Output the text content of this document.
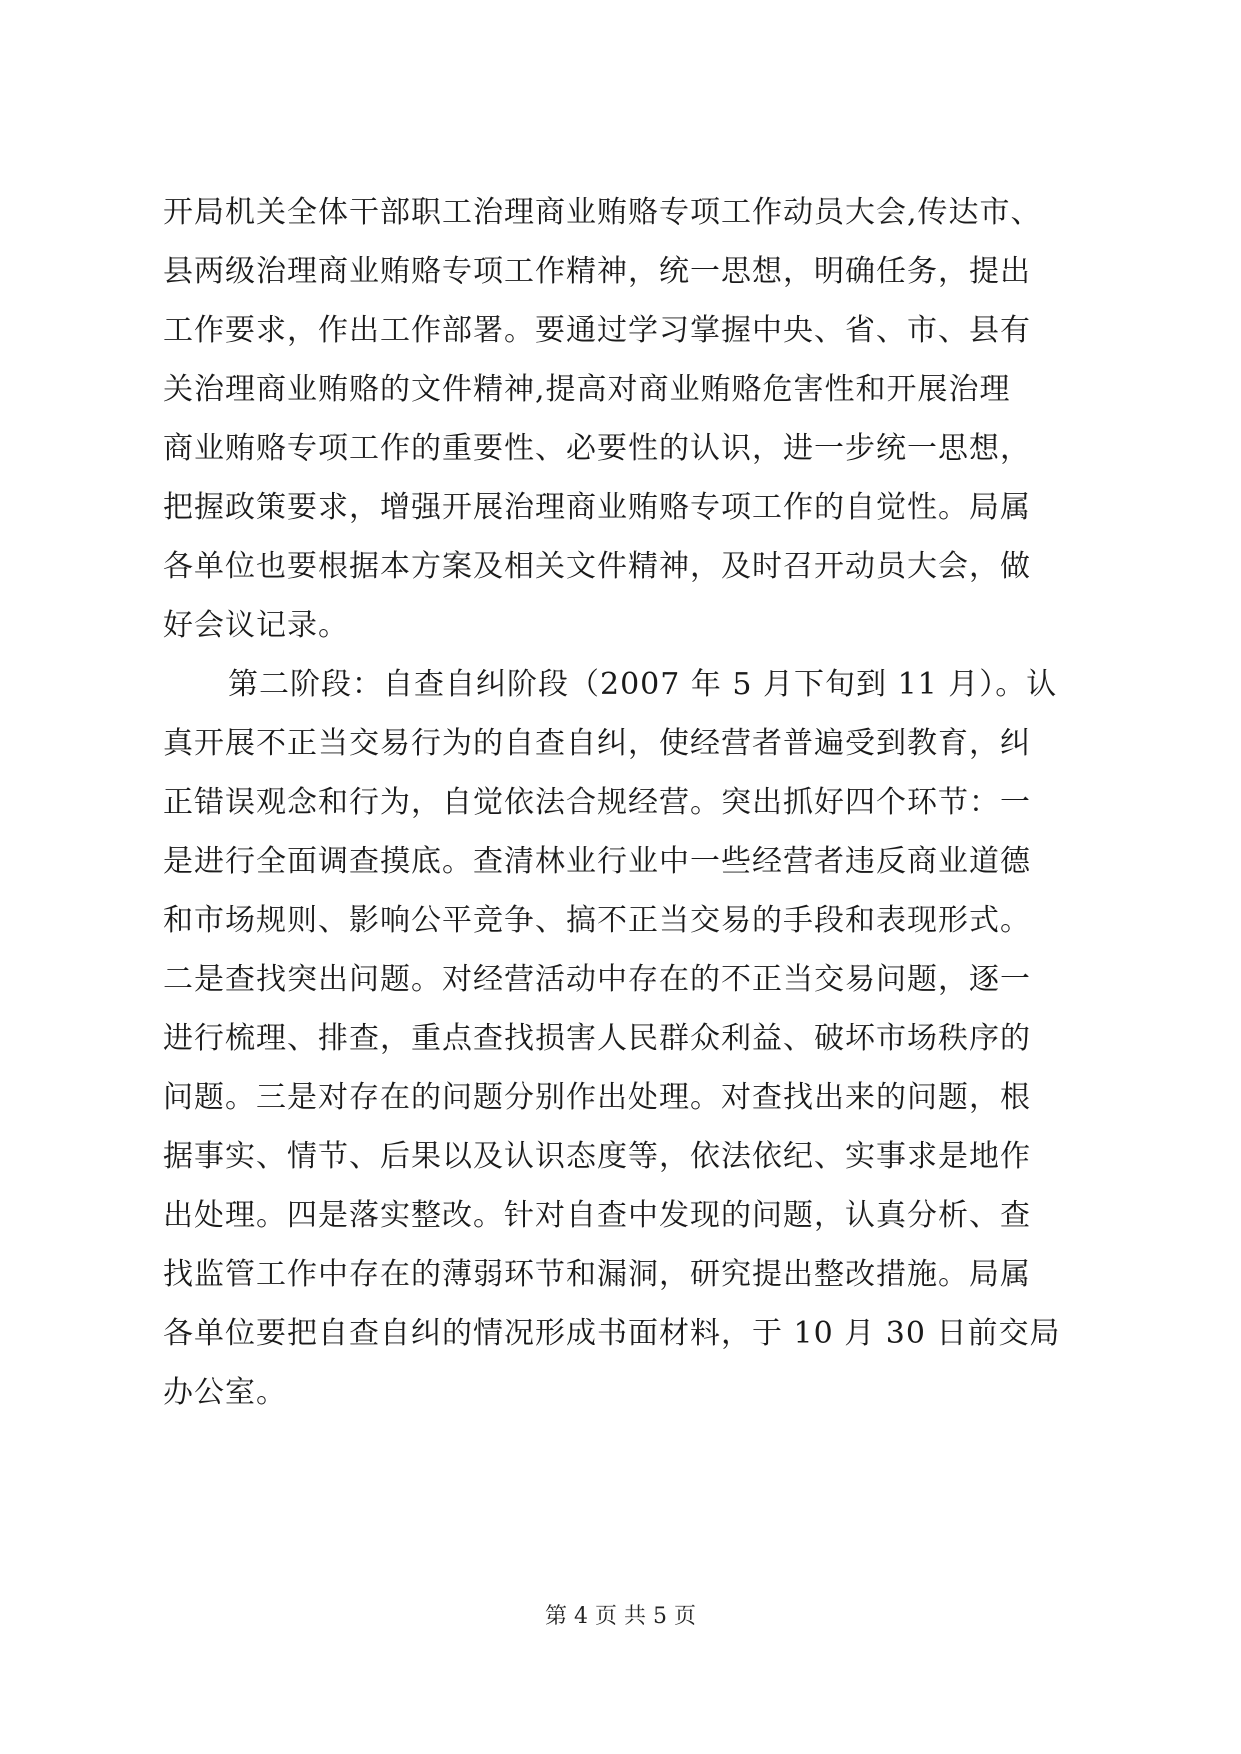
开局机关全体干部职工治理商业贿赂专项工作动员大会,传达市、
县两级治理商业贿赂专项工作精神，统一思想，明确任务，提出
工作要求，作出工作部署。要通过学习掌握中央、省、市、县有
关治理商业贿赂的文件精神,提高对商业贿赂危害性和开展治理
商业贿赂专项工作的重要性、必要性的认识，进一步统一思想，
把握政策要求，增强开展治理商业贿赂专项工作的自觉性。局属
各单位也要根据本方案及相关文件精神，及时召开动员大会，做
好会议记录。
第二阶段：自查自纠阶段（2007 年 5 月下旬到 11 月）。认
真开展不正当交易行为的自查自纠，使经营者普遍受到教育，纠
正错误观念和行为，自觉依法合规经营。突出抓好四个环节：一
是进行全面调查摸底。查清林业行业中一些经营者违反商业道德
和市场规则、影响公平竞争、搞不正当交易的手段和表现形式。
二是查找突出问题。对经营活动中存在的不正当交易问题，逐一
进行梳理、排查，重点查找损害人民群众利益、破坏市场秩序的
问题。三是对存在的问题分别作出处理。对查找出来的问题，根
据事实、情节、后果以及认识态度等，依法依纪、实事求是地作
出处理。四是落实整改。针对自查中发现的问题，认真分析、查
找监管工作中存在的薄弱环节和漏洞，研究提出整改措施。局属
各单位要把自查自纠的情况形成书面材料，于 10 月 30 日前交局
办公室。
第 4 页 共 5 页
